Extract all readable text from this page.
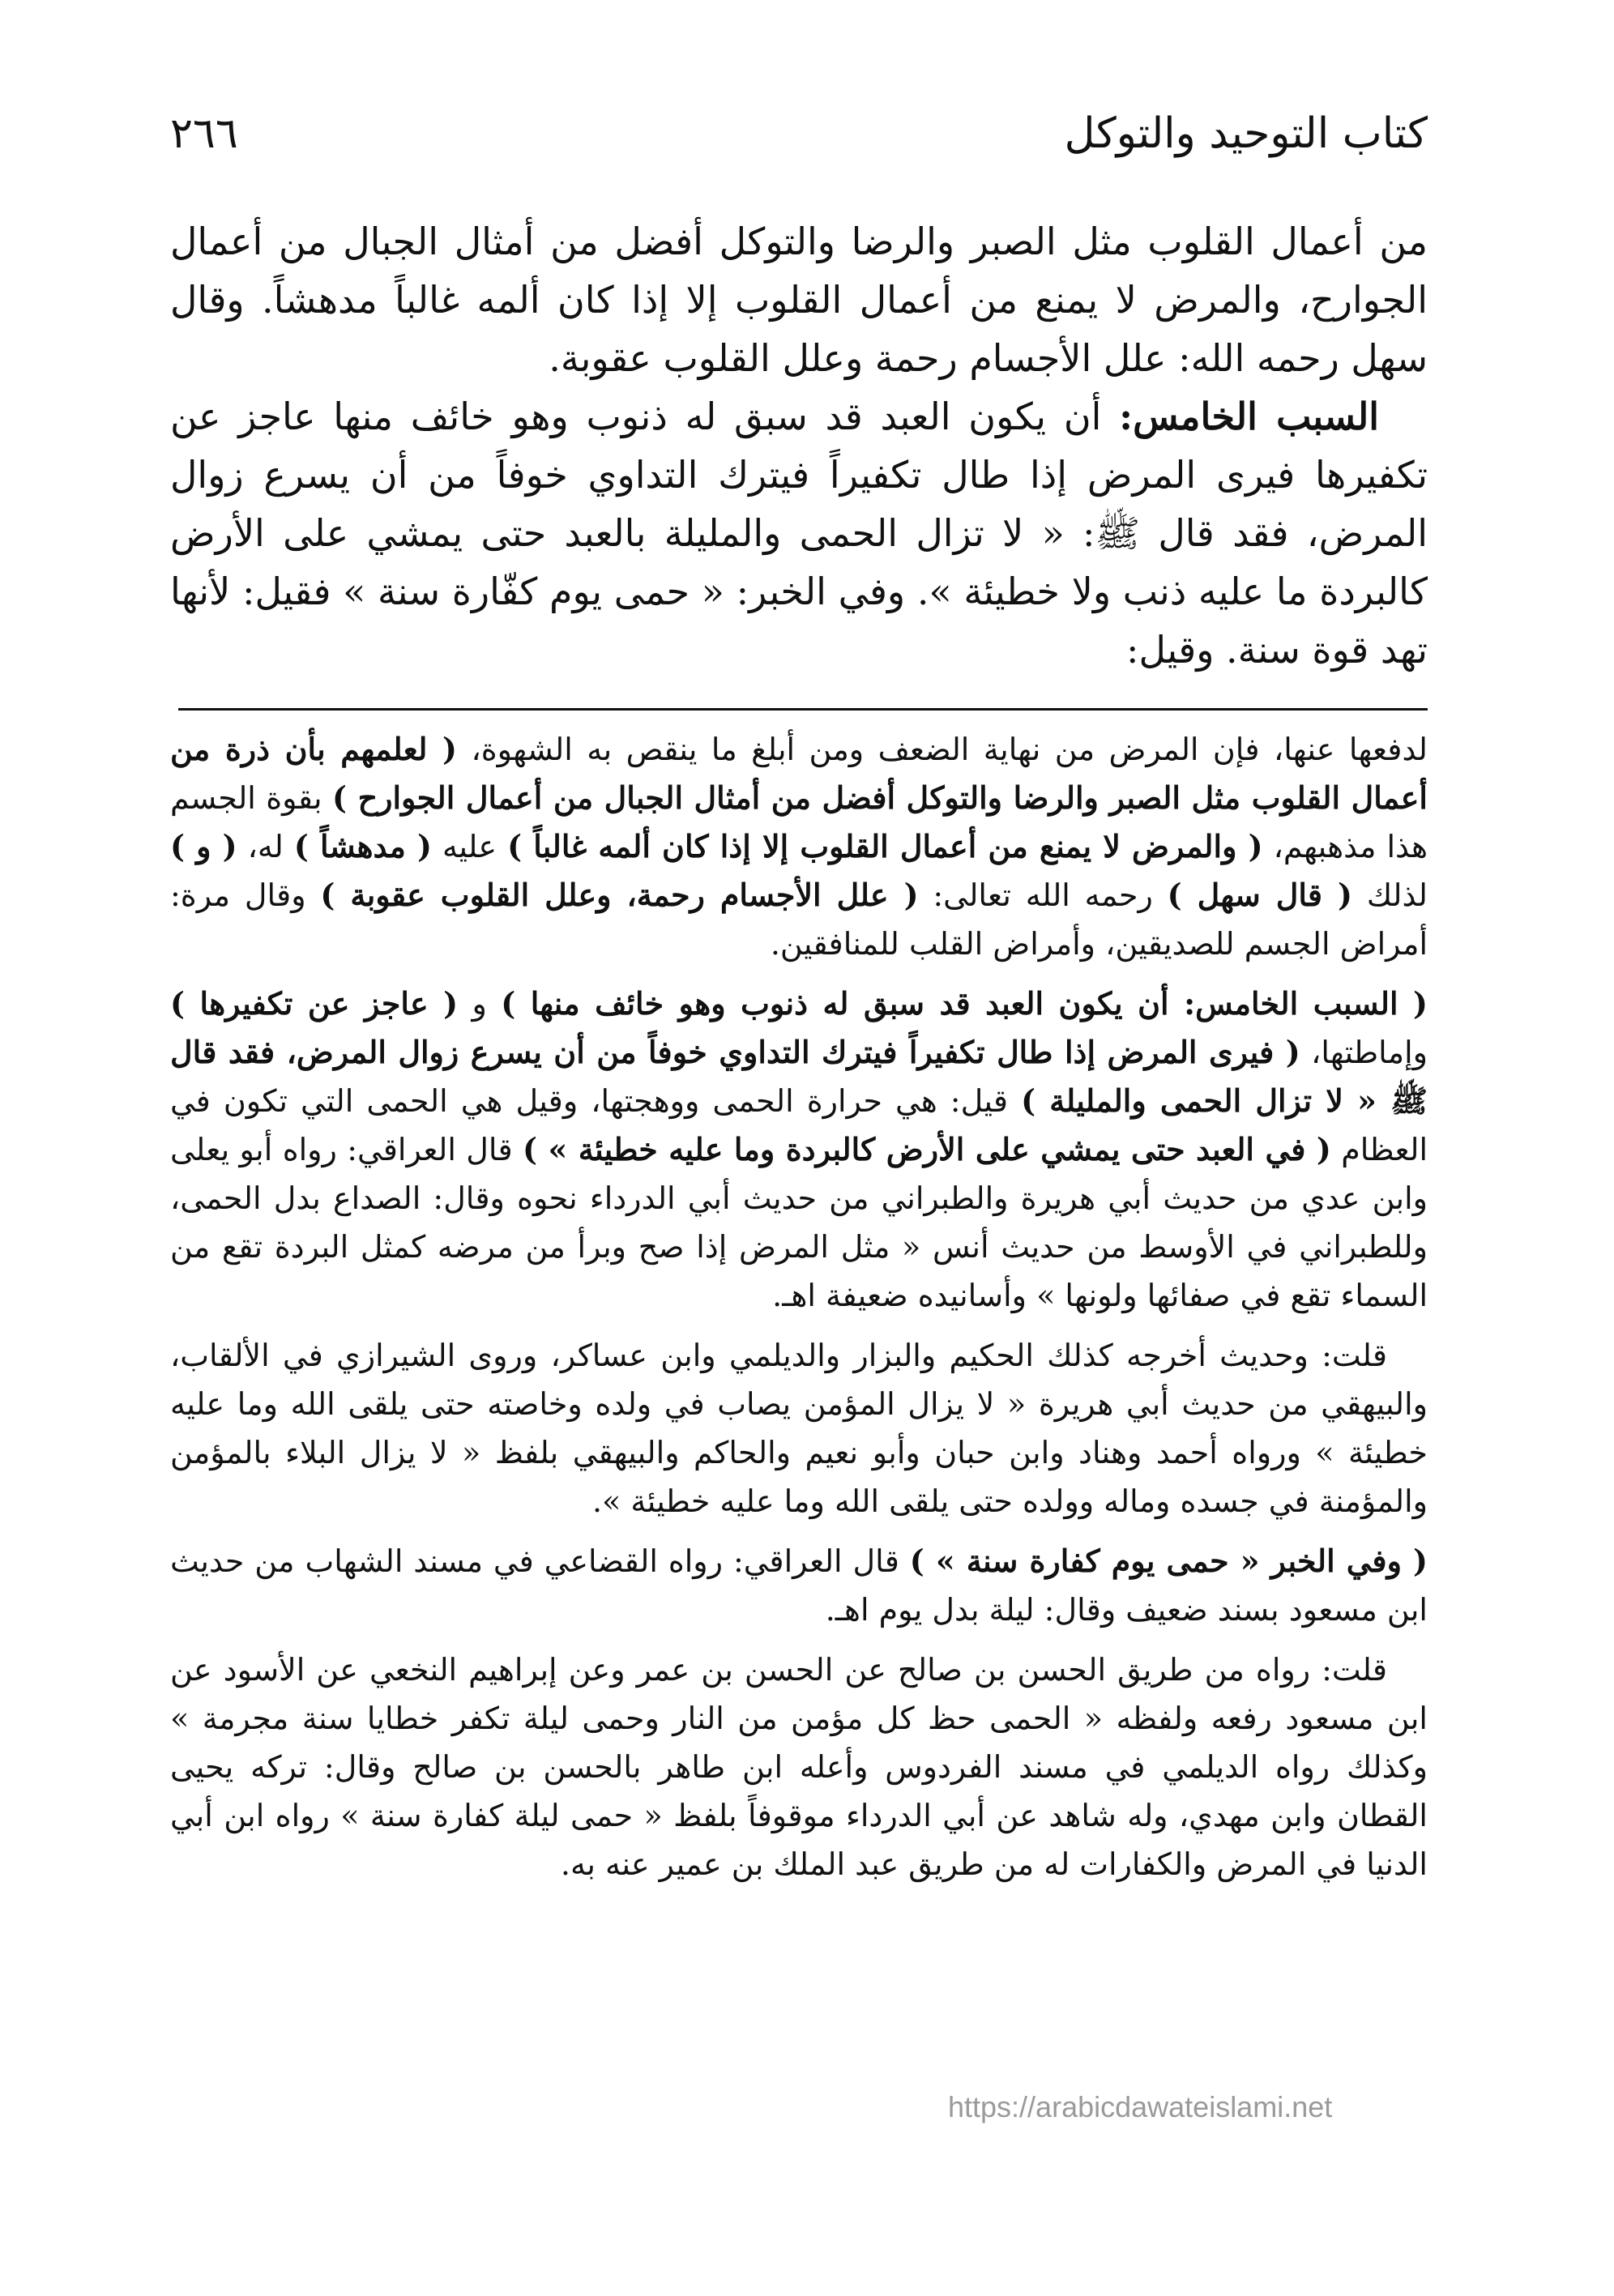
كتاب التوحيد والتوكل
٢٦٦

من أعمال القلوب مثل الصبر والرضا والتوكل أفضل من أمثال الجبال من أعمال الجوارح، والمرض لا يمنع من أعمال القلوب إلا إذا كان ألمه غالباً مدهشاً. وقال سهل رحمه الله: علل الأجسام رحمة وعلل القلوب عقوبة.

السبب الخامس: أن يكون العبد قد سبق له ذنوب وهو خائف منها عاجز عن تكفيرها فيرى المرض إذا طال تكفيراً فيترك التداوي خوفاً من أن يسرع زوال المرض، فقد قال ﷺ: « لا تزال الحمى والمليلة بالعبد حتى يمشي على الأرض كالبردة ما عليه ذنب ولا خطيئة ». وفي الخبر: « حمى يوم كفّارة سنة » فقيل: لأنها تهد قوة سنة. وقيل:

لدفعها عنها، فإن المرض من نهاية الضعف ومن أبلغ ما ينقص به الشهوة، ( لعلمهم بأن ذرة من أعمال القلوب مثل الصبر والرضا والتوكل أفضل من أمثال الجبال من أعمال الجوارح ) بقوة الجسم هذا مذهبهم، ( والمرض لا يمنع من أعمال القلوب إلا إذا كان ألمه غالباً ) عليه ( مدهشاً ) له، ( و ) لذلك ( قال سهل ) رحمه الله تعالى: ( علل الأجسام رحمة، وعلل القلوب عقوبة ) وقال مرة: أمراض الجسم للصديقين، وأمراض القلب للمنافقين.

( السبب الخامس: أن يكون العبد قد سبق له ذنوب وهو خائف منها ) و ( عاجز عن تكفيرها ) وإماطتها، ( فيرى المرض إذا طال تكفيراً فيترك التداوي خوفاً من أن يسرع زوال المرض، فقد قال ﷺ « لا تزال الحمى والمليلة ) قيل: هي حرارة الحمى ووهجتها، وقيل هي الحمى التي تكون في العظام ( في العبد حتى يمشي على الأرض كالبردة وما عليه خطيئة » ) قال العراقي: رواه أبو يعلى وابن عدي من حديث أبي هريرة والطبراني من حديث أبي الدرداء نحوه وقال: الصداع بدل الحمى، وللطبراني في الأوسط من حديث أنس « مثل المرض إذا صح وبرأ من مرضه كمثل البردة تقع من السماء تقع في صفائها ولونها » وأسانيده ضعيفة اهـ.

قلت: وحديث أخرجه كذلك الحكيم والبزار والديلمي وابن عساكر، وروى الشيرازي في الألقاب، والبيهقي من حديث أبي هريرة « لا يزال المؤمن يصاب في ولده وخاصته حتى يلقى الله وما عليه خطيئة » ورواه أحمد وهناد وابن حبان وأبو نعيم والحاكم والبيهقي بلفظ « لا يزال البلاء بالمؤمن والمؤمنة في جسده وماله وولده حتى يلقى الله وما عليه خطيئة ».

( وفي الخبر « حمى يوم كفارة سنة » ) قال العراقي: رواه القضاعي في مسند الشهاب من حديث ابن مسعود بسند ضعيف وقال: ليلة بدل يوم اهـ.

قلت: رواه من طريق الحسن بن صالح عن الحسن بن عمر وعن إبراهيم النخعي عن الأسود عن ابن مسعود رفعه ولفظه « الحمى حظ كل مؤمن من النار وحمى ليلة تكفر خطايا سنة مجرمة » وكذلك رواه الديلمي في مسند الفردوس وأعله ابن طاهر بالحسن بن صالح وقال: تركه يحيى القطان وابن مهدي، وله شاهد عن أبي الدرداء موقوفاً بلفظ « حمى ليلة كفارة سنة » رواه ابن أبي الدنيا في المرض والكفارات له من طريق عبد الملك بن عمير عنه به.

https://arabicdawateislami.net
